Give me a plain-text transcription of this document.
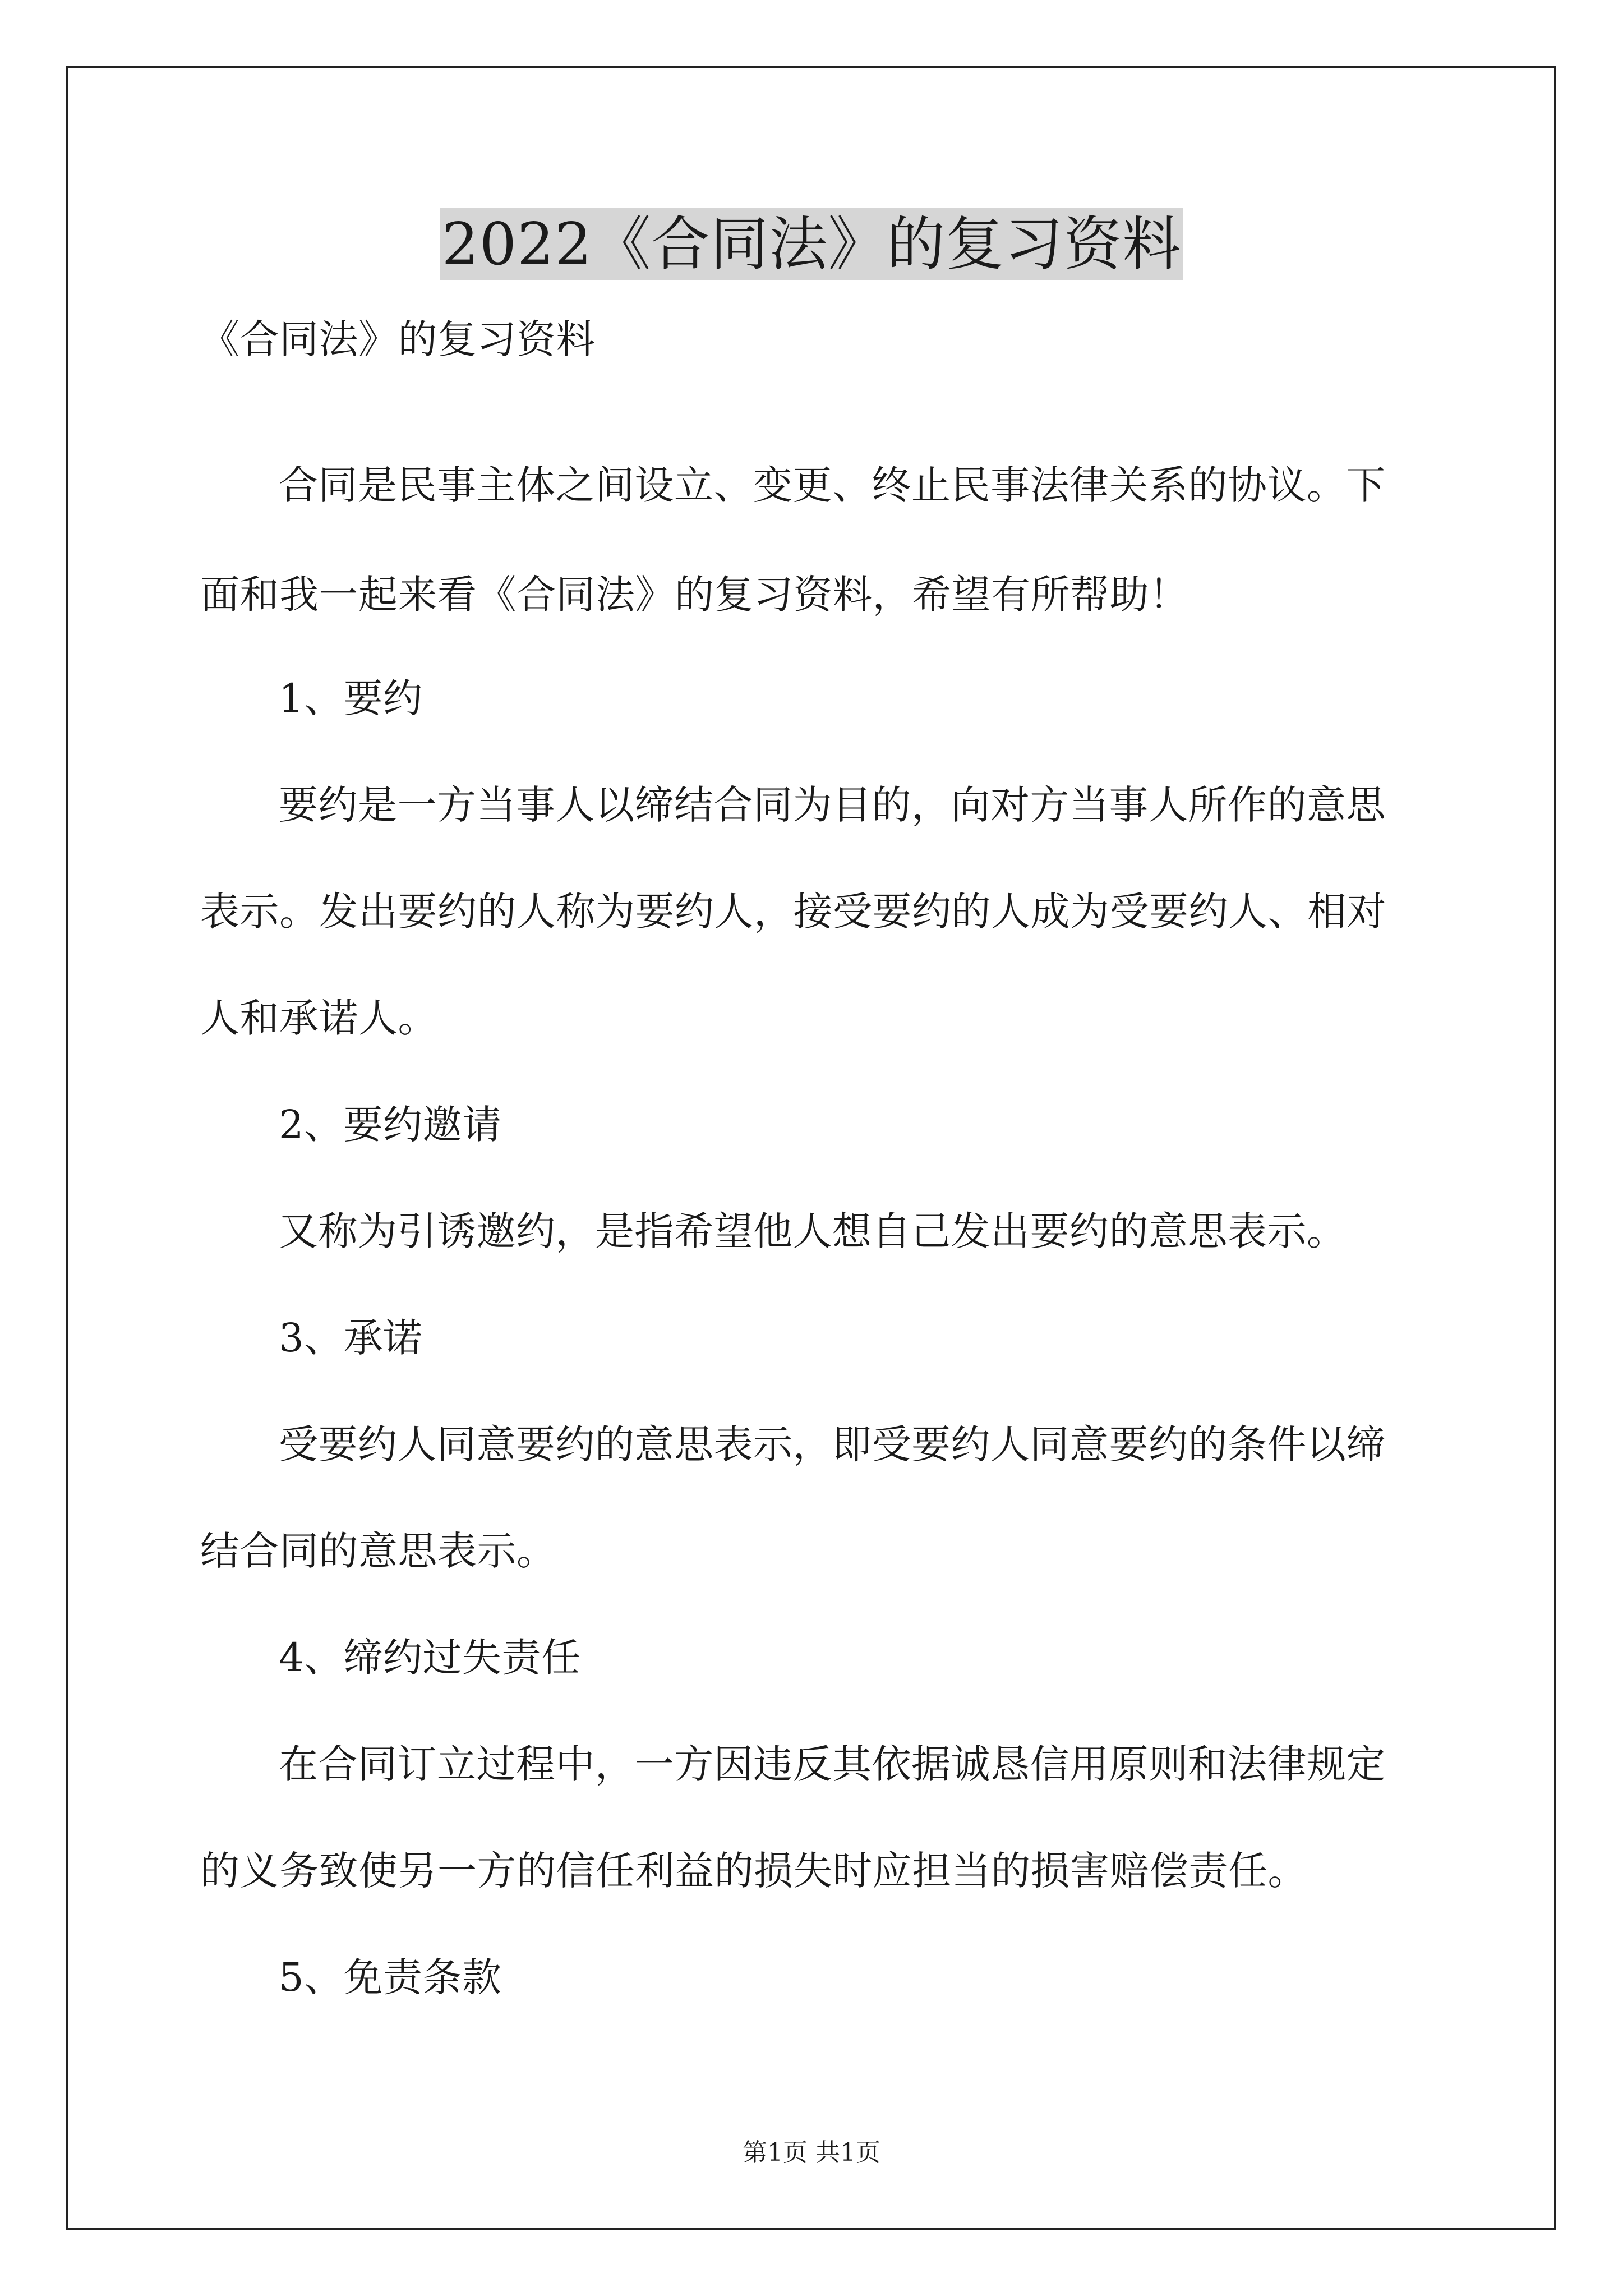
2022《合同法》的复习资料
《合同法》的复习资料
合同是民事主体之间设立、变更、终止民事法律关系的协议。下
面和我一起来看《合同法》的复习资料，希望有所帮助！
1、要约
要约是一方当事人以缔结合同为目的，向对方当事人所作的意思
表示。发出要约的人称为要约人，接受要约的人成为受要约人、相对
人和承诺人。
2、要约邀请
又称为引诱邀约，是指希望他人想自己发出要约的意思表示。
3、承诺
受要约人同意要约的意思表示，即受要约人同意要约的条件以缔
结合同的意思表示。
4、缔约过失责任
在合同订立过程中，一方因违反其依据诚恳信用原则和法律规定
的义务致使另一方的信任利益的损失时应担当的损害赔偿责任。
5、免责条款
第1页 共1页
